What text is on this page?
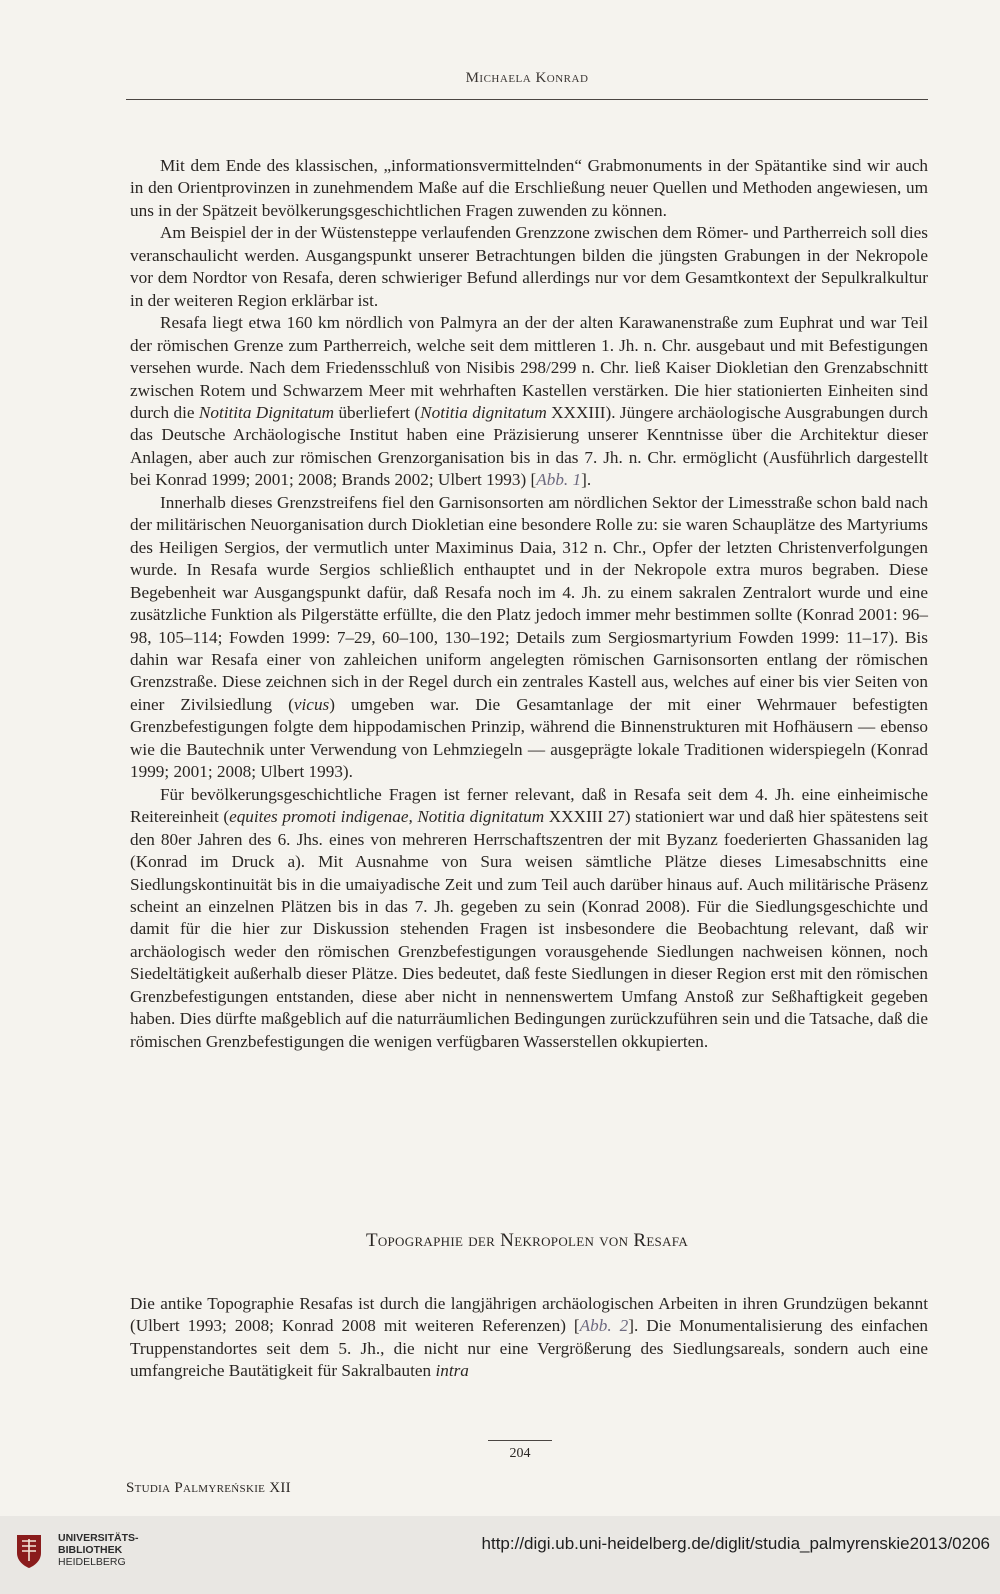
Michaela Konrad

Mit dem Ende des klassischen, „informationsvermittelnden“ Grabmonuments in der Spätantike sind wir auch in den Orientprovinzen in zunehmendem Maße auf die Erschließung neuer Quellen und Methoden angewiesen, um uns in der Spätzeit bevölkerungsgeschichtlichen Fragen zuwenden zu können.

Am Beispiel der in der Wüstensteppe verlaufenden Grenzzone zwischen dem Römer- und Partherreich soll dies veranschaulicht werden. Ausgangspunkt unserer Betrachtungen bilden die jüngsten Grabungen in der Nekropole vor dem Nordtor von Resafa, deren schwieriger Befund allerdings nur vor dem Gesamtkontext der Sepulkralkultur in der weiteren Region erklärbar ist.

Resafa liegt etwa 160 km nördlich von Palmyra an der der alten Karawanenstraße zum Euphrat und war Teil der römischen Grenze zum Partherreich, welche seit dem mittleren 1. Jh. n. Chr. ausgebaut und mit Befestigungen versehen wurde. Nach dem Friedensschluß von Nisibis 298/299 n. Chr. ließ Kaiser Diokletian den Grenzabschnitt zwischen Rotem und Schwarzem Meer mit wehrhaften Kastellen verstärken. Die hier stationierten Einheiten sind durch die Notitita Dignitatum überliefert (Notitia dignitatum XXXIII). Jüngere archäologische Ausgrabungen durch das Deutsche Archäologische Institut haben eine Präzisierung unserer Kenntnisse über die Architektur dieser Anlagen, aber auch zur römischen Grenzorganisation bis in das 7. Jh. n. Chr. ermöglicht (Ausführlich dargestellt bei Konrad 1999; 2001; 2008; Brands 2002; Ulbert 1993) [Abb. 1].

Innerhalb dieses Grenzstreifens fiel den Garnisonsorten am nördlichen Sektor der Limesstraße schon bald nach der militärischen Neuorganisation durch Diokletian eine besondere Rolle zu: sie waren Schauplätze des Martyriums des Heiligen Sergios, der vermutlich unter Maximinus Daia, 312 n. Chr., Opfer der letzten Christenverfolgungen wurde. In Resafa wurde Sergios schließlich enthauptet und in der Nekropole extra muros begraben. Diese Begebenheit war Ausgangspunkt dafür, daß Resafa noch im 4. Jh. zu einem sakralen Zentralort wurde und eine zusätzliche Funktion als Pilgerstätte erfüllte, die den Platz jedoch immer mehr bestimmen sollte (Konrad 2001: 96–98, 105–114; Fowden 1999: 7–29, 60–100, 130–192; Details zum Sergiosmartyrium Fowden 1999: 11–17). Bis dahin war Resafa einer von zahleichen uniform angelegten römischen Garnisonsorten entlang der römischen Grenzstraße. Diese zeichnen sich in der Regel durch ein zentrales Kastell aus, welches auf einer bis vier Seiten von einer Zivilsiedlung (vicus) umgeben war. Die Gesamtanlage der mit einer Wehrmauer befestigten Grenzbefestigungen folgte dem hippodamischen Prinzip, während die Binnenstrukturen mit Hofhäusern — ebenso wie die Bautechnik unter Verwendung von Lehmziegeln — ausgeprägte lokale Traditionen widerspiegeln (Konrad 1999; 2001; 2008; Ulbert 1993).

Für bevölkerungsgeschichtliche Fragen ist ferner relevant, daß in Resafa seit dem 4. Jh. eine einheimische Reitereinheit (equites promoti indigenae, Notitia dignitatum XXXIII 27) stationiert war und daß hier spätestens seit den 80er Jahren des 6. Jhs. eines von mehreren Herrschaftszentren der mit Byzanz foederierten Ghassaniden lag (Konrad im Druck a). Mit Ausnahme von Sura weisen sämtliche Plätze dieses Limesabschnitts eine Siedlungskontinuität bis in die umaiyadische Zeit und zum Teil auch darüber hinaus auf. Auch militärische Präsenz scheint an einzelnen Plätzen bis in das 7. Jh. gegeben zu sein (Konrad 2008). Für die Siedlungsgeschichte und damit für die hier zur Diskussion stehenden Fragen ist insbesondere die Beobachtung relevant, daß wir archäologisch weder den römischen Grenzbefestigungen vorausgehende Siedlungen nachweisen können, noch Siedeltätigkeit außerhalb dieser Plätze. Dies bedeutet, daß feste Siedlungen in dieser Region erst mit den römischen Grenzbefestigungen entstanden, diese aber nicht in nennenswertem Umfang Anstoß zur Seßhaftigkeit gegeben haben. Dies dürfte maßgeblich auf die naturräumlichen Bedingungen zurückzuführen sein und die Tatsache, daß die römischen Grenzbefestigungen die wenigen verfügbaren Wasserstellen okkupierten.

Topographie der Nekropolen von Resafa

Die antike Topographie Resafas ist durch die langjährigen archäologischen Arbeiten in ihren Grundzügen bekannt (Ulbert 1993; 2008; Konrad 2008 mit weiteren Referenzen) [Abb. 2]. Die Monumentalisierung des einfachen Truppenstandortes seit dem 5. Jh., die nicht nur eine Vergrößerung des Siedlungsareals, sondern auch eine umfangreiche Bautätigkeit für Sakralbauten intra

204
Studia Palmyreńskie XII
UNIVERSITÄTS-
BIBLIOTHEK
HEIDELBERG
http://digi.ub.uni-heidelberg.de/diglit/studia_palmyrenskie2013/0206
